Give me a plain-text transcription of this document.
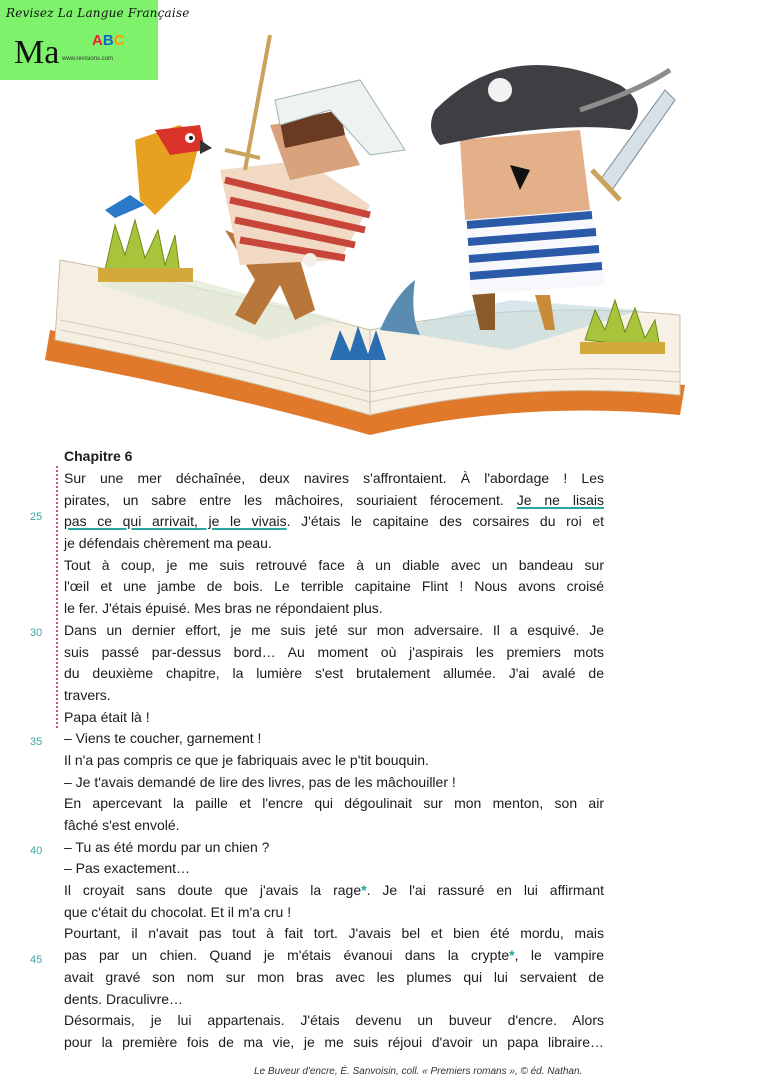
Revisez La Langue Française
Ma ABC
www.revisions.com
25
30
35
40
45
Chapitre 6

Sur une mer déchaînée, deux navires s'affrontaient. À l'abordage ! Les

pirates, un sabre entre les mâchoires, souriaient férocement. Je ne lisais

pas ce qui arrivait, je le vivais. J'étais le capitaine des corsaires du roi et

je défendais chèrement ma peau.

Tout à coup, je me suis retrouvé face à un diable avec un bandeau sur

l'œil et une jambe de bois. Le terrible capitaine Flint ! Nous avons croisé

le fer. J'étais épuisé. Mes bras ne répondaient plus.

Dans un dernier effort, je me suis jeté sur mon adversaire. Il a esquivé. Je

suis passé par-dessus bord… Au moment où j'aspirais les premiers mots

du deuxième chapitre, la lumière s'est brutalement allumée. J'ai avalé de

travers.

Papa était là !

– Viens te coucher, garnement !

Il n'a pas compris ce que je fabriquais avec le p'tit bouquin.

– Je t'avais demandé de lire des livres, pas de les mâchouiller !

En apercevant la paille et l'encre qui dégoulinait sur mon menton, son air

fâché s'est envolé.

– Tu as été mordu par un chien ?

– Pas exactement…

Il croyait sans doute que j'avais la rage*. Je l'ai rassuré en lui affirmant

que c'était du chocolat. Et il m'a cru !

Pourtant, il n'avait pas tout à fait tort. J'avais bel et bien été mordu, mais

pas par un chien. Quand je m'étais évanoui dans la crypte*, le vampire

avait gravé son nom sur mon bras avec les plumes qui lui servaient de

dents. Draculivre…

Désormais, je lui appartenais. J'étais devenu un buveur d'encre. Alors

pour la première fois de ma vie, je me suis réjoui d'avoir un papa libraire…

Le Buveur d'encre, É. Sanvoisin, coll. « Premiers romans », © éd. Nathan.
